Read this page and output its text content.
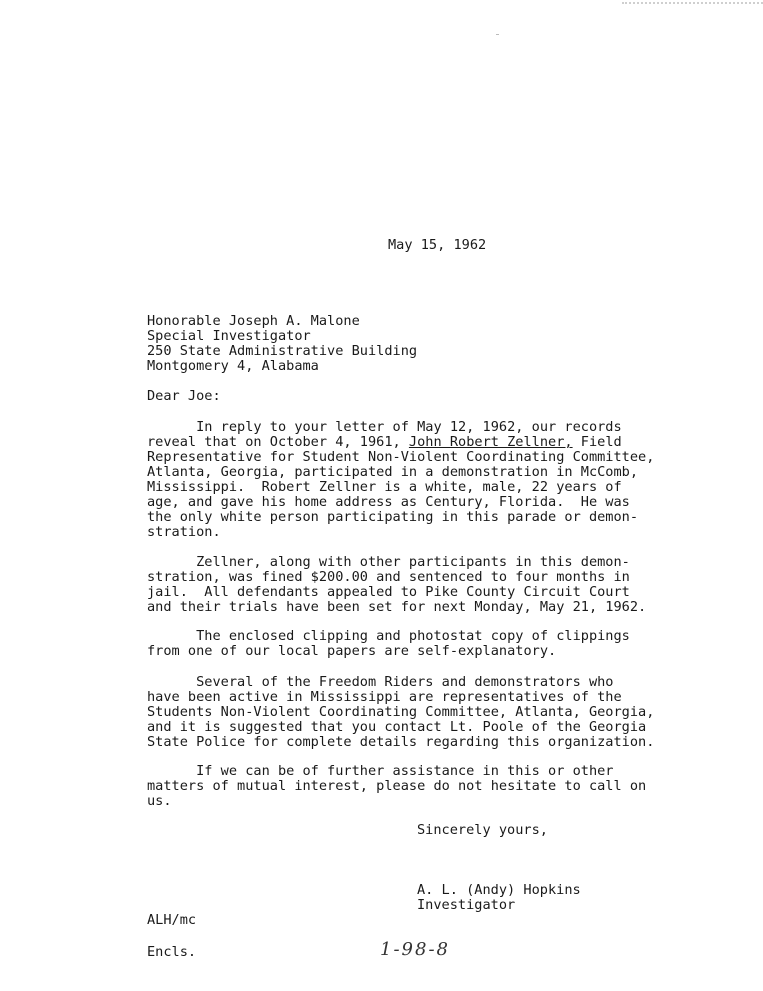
May 15, 1962
Honorable Joseph A. Malone
Special Investigator
250 State Administrative Building
Montgomery 4, Alabama
Dear Joe:
In reply to your letter of May 12, 1962, our records
reveal that on October 4, 1961, John Robert Zellner, Field
Representative for Student Non-Violent Coordinating Committee,
Atlanta, Georgia, participated in a demonstration in McComb,
Mississippi.  Robert Zellner is a white, male, 22 years of
age, and gave his home address as Century, Florida.  He was
the only white person participating in this parade or demon-
stration.
Zellner, along with other participants in this demon-
stration, was fined $200.00 and sentenced to four months in
jail.  All defendants appealed to Pike County Circuit Court
and their trials have been set for next Monday, May 21, 1962.
The enclosed clipping and photostat copy of clippings
from one of our local papers are self-explanatory.
Several of the Freedom Riders and demonstrators who
have been active in Mississippi are representatives of the
Students Non-Violent Coordinating Committee, Atlanta, Georgia,
and it is suggested that you contact Lt. Poole of the Georgia
State Police for complete details regarding this organization.
If we can be of further assistance in this or other
matters of mutual interest, please do not hesitate to call on
us.
Sincerely yours,
A. L. (Andy) Hopkins
Investigator
ALH/mc
Encls.	1-98-8
